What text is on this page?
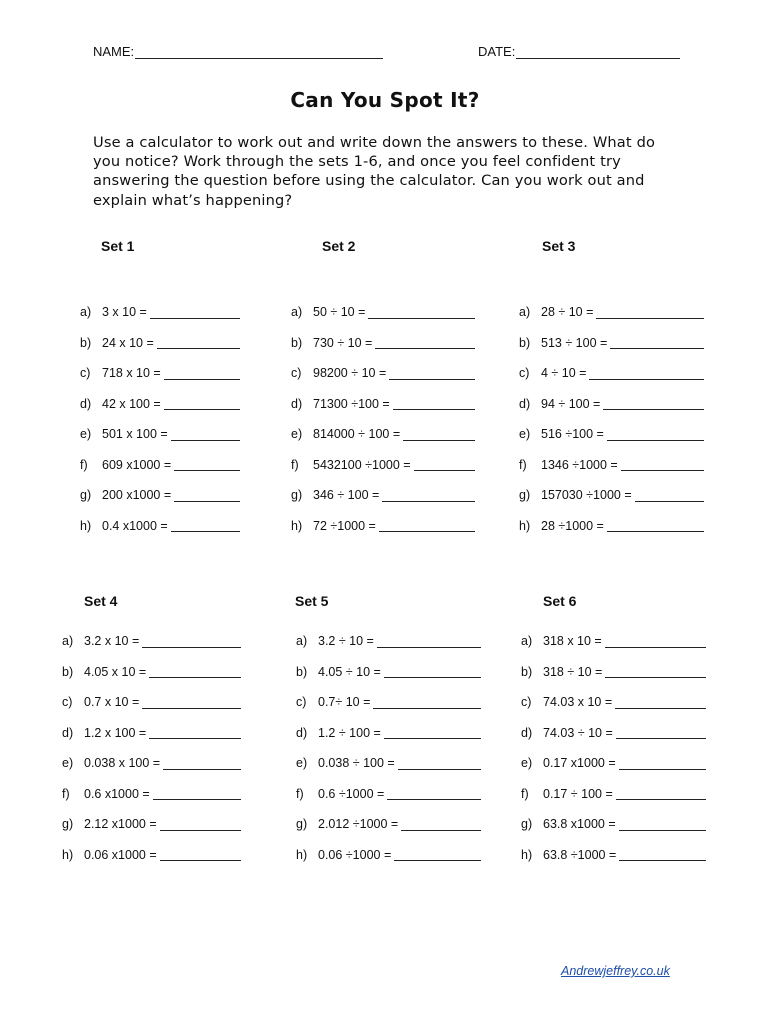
NAME:	DATE:
Can You Spot It?
Use a calculator to work out and write down the answers to these. What do you notice? Work through the sets 1-6, and once you feel confident try answering the question before using the calculator. Can you work out and explain what’s happening?
Set 1	Set 2	Set 3
Set 4	Set 5	Set 6
a) 3 x 10 =
b) 24 x 10 =
c) 718 x 10 =
d) 42 x 100 =
e) 501 x 100 =
f)	609 x1000 =
g) 200 x1000 =
h) 0.4 x1000 =
a) 50 ÷ 10 =
b) 730 ÷ 10 =
c) 98200 ÷ 10 =
d) 71300 ÷100 =
e) 814000 ÷ 100 =
f)	5432100 ÷1000 =
g) 346 ÷ 100 =
h) 72 ÷1000 =
a) 28 ÷ 10 =
b) 513 ÷ 100 =
c) 4 ÷ 10 =
d) 94 ÷ 100 =
e) 516 ÷100 =
f)	1346 ÷1000 =
g) 157030 ÷1000 =
h) 28 ÷1000 =
a) 3.2 x 10 =
b) 4.05 x 10 =
c) 0.7 x 10 =
d) 1.2 x 100 =
e) 0.038 x 100 =
f)	0.6 x1000 =
g) 2.12 x1000 =
h) 0.06 x1000 =
a) 3.2 ÷ 10 =
b) 4.05 ÷ 10 =
c) 0.7÷ 10 =
d) 1.2 ÷ 100 =
e) 0.038 ÷ 100 =
f)	0.6 ÷1000 =
g) 2.012 ÷1000 =
h) 0.06 ÷1000 =
a) 318 x 10 =
b) 318 ÷ 10 =
c) 74.03 x 10 =
d) 74.03 ÷ 10 =
e) 0.17 x1000 =
f)	0.17 ÷ 100 =
g) 63.8 x1000 =
h) 63.8 ÷1000 =
Andrewjeffrey.co.uk
